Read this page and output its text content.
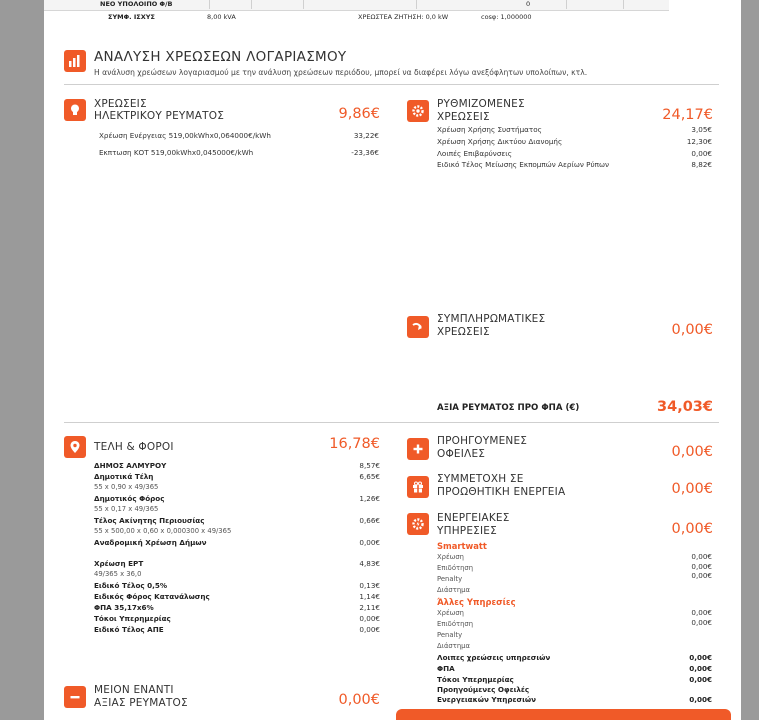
ΝΕΟ ΥΠΟΛΟΙΠΟ Φ/Β	0
ΣΥΜΦ. ΙΣΧΥΣ	8,00 kVA	ΧΡΕΩΣΤΕΑ ΖΗΤΗΣΗ: 0,0 kW	cosφ: 1,000000
ΑΝΑΛΥΣΗ ΧΡΕΩΣΕΩΝ ΛΟΓΑΡΙΑΣΜΟΥ
Η ανάλυση χρεώσεων λογαριασμού με την ανάλυση χρεώσεων περιόδου, μπορεί να διαφέρει λόγω ανεξόφλητων υπολοίπων, κτλ.
ΧΡΕΩΣΕΙΣ
ΗΛΕΚΤΡΙΚΟΥ ΡΕΥΜΑΤΟΣ	9,86€
Χρέωση Ενέργειας 519,00kWhx0,064000€/kWh	33,22€
Εκπτωση ΚΟΤ 519,00kWhx0,045000€/kWh	-23,36€
ΡΥΘΜΙΖΟΜΕΝΕΣ
ΧΡΕΩΣΕΙΣ	24,17€
Χρέωση Χρήσης Συστήματος	3,05€
Χρέωση Χρήσης Δικτύου Διανομής	12,30€
Λοιπές Επιβαρύνσεις	0,00€
Ειδικό Τέλος Μείωσης Εκπομπών Αερίων Ρύπων	8,82€
ΣΥΜΠΛΗΡΩΜΑΤΙΚΕΣ
ΧΡΕΩΣΕΙΣ	0,00€
ΑΞΙΑ ΡΕΥΜΑΤΟΣ ΠΡΟ ΦΠΑ (€)	34,03€
ΤΕΛΗ & ΦΟΡΟΙ	16,78€
ΔΗΜΟΣ ΑΛΜΥΡΟΥ	8,57€
Δημοτικά Τέλη	6,65€
55 x 0,90 x 49/365
Δημοτικός Φόρος	1,26€
55 x 0,17 x 49/365
Τέλος Ακίνητης Περιουσίας	0,66€
55 x 500,00 x 0,60 x 0,000300 x 49/365
Αναδρομική Χρέωση Δήμων	0,00€
Χρέωση ΕΡΤ	4,83€
49/365 x 36,0
Ειδικό Τέλος 0,5%	0,13€
Ειδικός Φόρος Κατανάλωσης	1,14€
ΦΠΑ 35,17x6%	2,11€
Τόκοι Υπερημερίας	0,00€
Ειδικό Τέλος ΑΠΕ	0,00€
ΜΕΙΟΝ ΕΝΑΝΤΙ
ΑΞΙΑΣ ΡΕΥΜΑΤΟΣ	0,00€
ΠΡΟΗΓΟΥΜΕΝΕΣ
ΟΦΕΙΛΕΣ	0,00€
ΣΥΜΜΕΤΟΧΗ ΣΕ
ΠΡΟΩΘΗΤΙΚΗ ΕΝΕΡΓΕΙΑ	0,00€
ΕΝΕΡΓΕΙΑΚΕΣ
ΥΠΗΡΕΣΙΕΣ	0,00€
Smartwatt
Χρέωση	0,00€
Επιδότηση	0,00€
Penalty	0,00€
Διάστημα
Άλλες Υπηρεσίες
Χρέωση	0,00€
Επιδότηση	0,00€
Penalty
Διάστημα
Λοιπες χρεώσεις υπηρεσιών	0,00€
ΦΠΑ	0,00€
Τόκοι Υπερημερίας	0,00€
Προηγούμενες Οφειλές
Ενεργειακών Υπηρεσιών	0,00€
